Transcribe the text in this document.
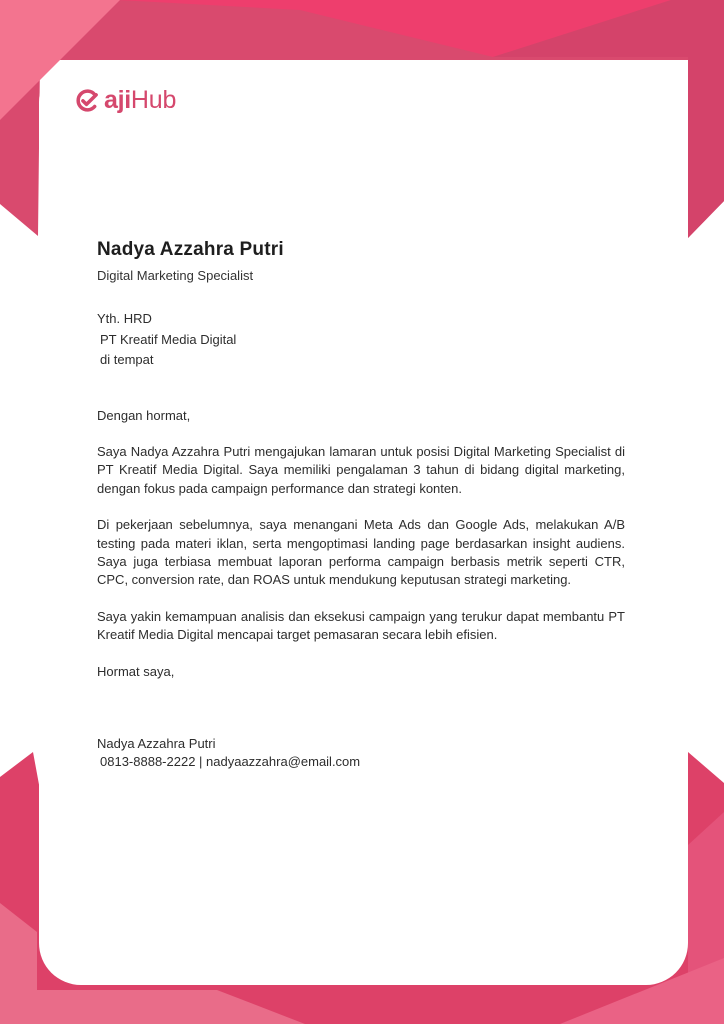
aji Hub
Nadya Azzahra Putri
Digital Marketing Specialist
Yth. HRD
PT Kreatif Media Digital
di tempat
Dengan hormat,

Saya Nadya Azzahra Putri mengajukan lamaran untuk posisi Digital Marketing Specialist di PT Kreatif Media Digital. Saya memiliki pengalaman 3 tahun di bidang digital marketing, dengan fokus pada campaign performance dan strategi konten.

Di pekerjaan sebelumnya, saya menangani Meta Ads dan Google Ads, melakukan A/B testing pada materi iklan, serta mengoptimasi landing page berdasarkan insight audiens. Saya juga terbiasa membuat laporan performa campaign berbasis metrik seperti CTR, CPC, conversion rate, dan ROAS untuk mendukung keputusan strategi marketing.

Saya yakin kemampuan analisis dan eksekusi campaign yang terukur dapat membantu PT Kreatif Media Digital mencapai target pemasaran secara lebih efisien.

Hormat saya,
Nadya Azzahra Putri
0813-8888-2222 | nadyaazzahra@email.com
